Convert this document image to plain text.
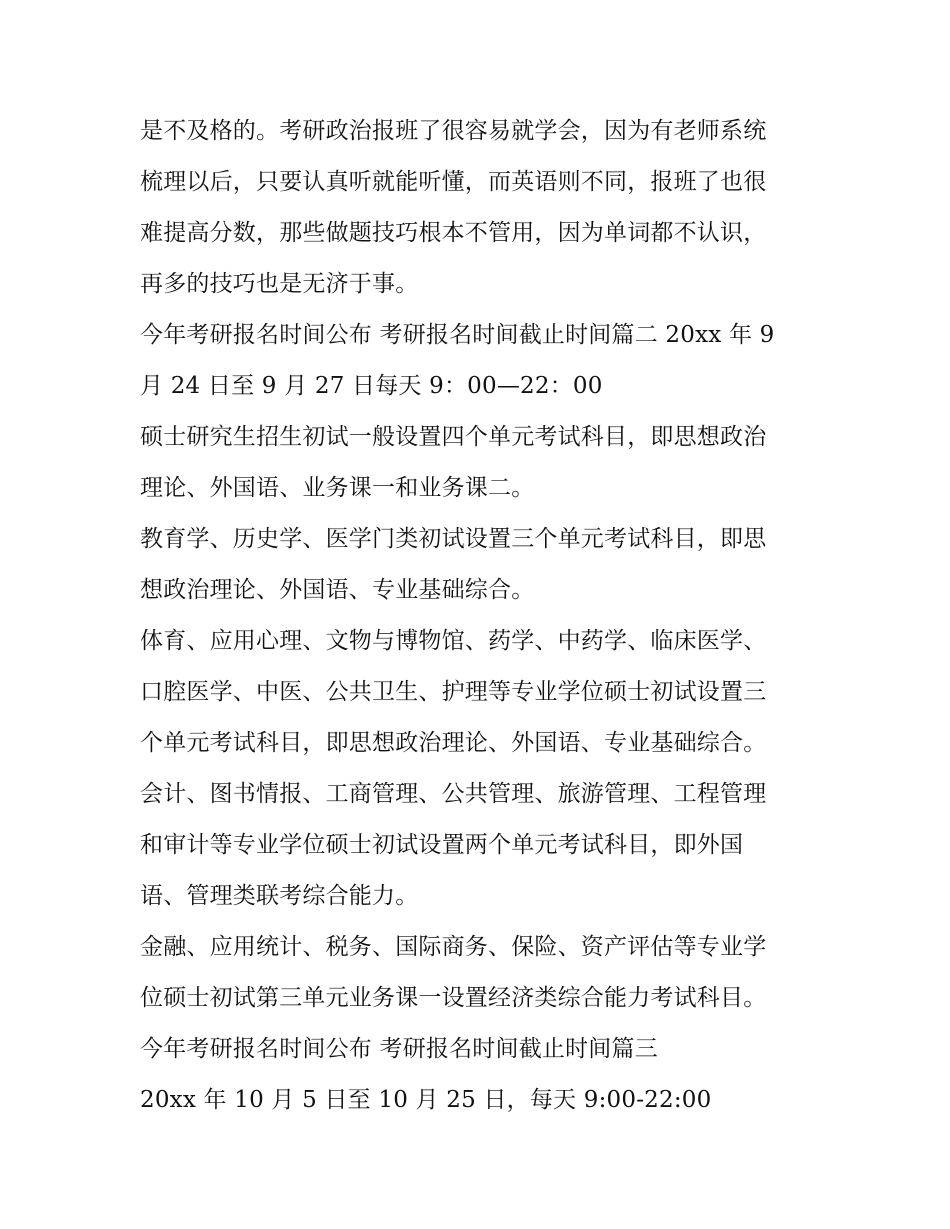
是不及格的。考研政治报班了很容易就学会，因为有老师系统
梳理以后，只要认真听就能听懂，而英语则不同，报班了也很
难提高分数，那些做题技巧根本不管用，因为单词都不认识，
再多的技巧也是无济于事。
今年考研报名时间公布 考研报名时间截止时间篇二 20xx 年 9
月 24 日至 9 月 27 日每天 9：00—22：00
硕士研究生招生初试一般设置四个单元考试科目，即思想政治
理论、外国语、业务课一和业务课二。
教育学、历史学、医学门类初试设置三个单元考试科目，即思
想政治理论、外国语、专业基础综合。
体育、应用心理、文物与博物馆、药学、中药学、临床医学、
口腔医学、中医、公共卫生、护理等专业学位硕士初试设置三
个单元考试科目，即思想政治理论、外国语、专业基础综合。
会计、图书情报、工商管理、公共管理、旅游管理、工程管理
和审计等专业学位硕士初试设置两个单元考试科目，即外国
语、管理类联考综合能力。
金融、应用统计、税务、国际商务、保险、资产评估等专业学
位硕士初试第三单元业务课一设置经济类综合能力考试科目。
今年考研报名时间公布 考研报名时间截止时间篇三
20xx 年 10 月 5 日至 10 月 25 日，每天 9:00-22:00
